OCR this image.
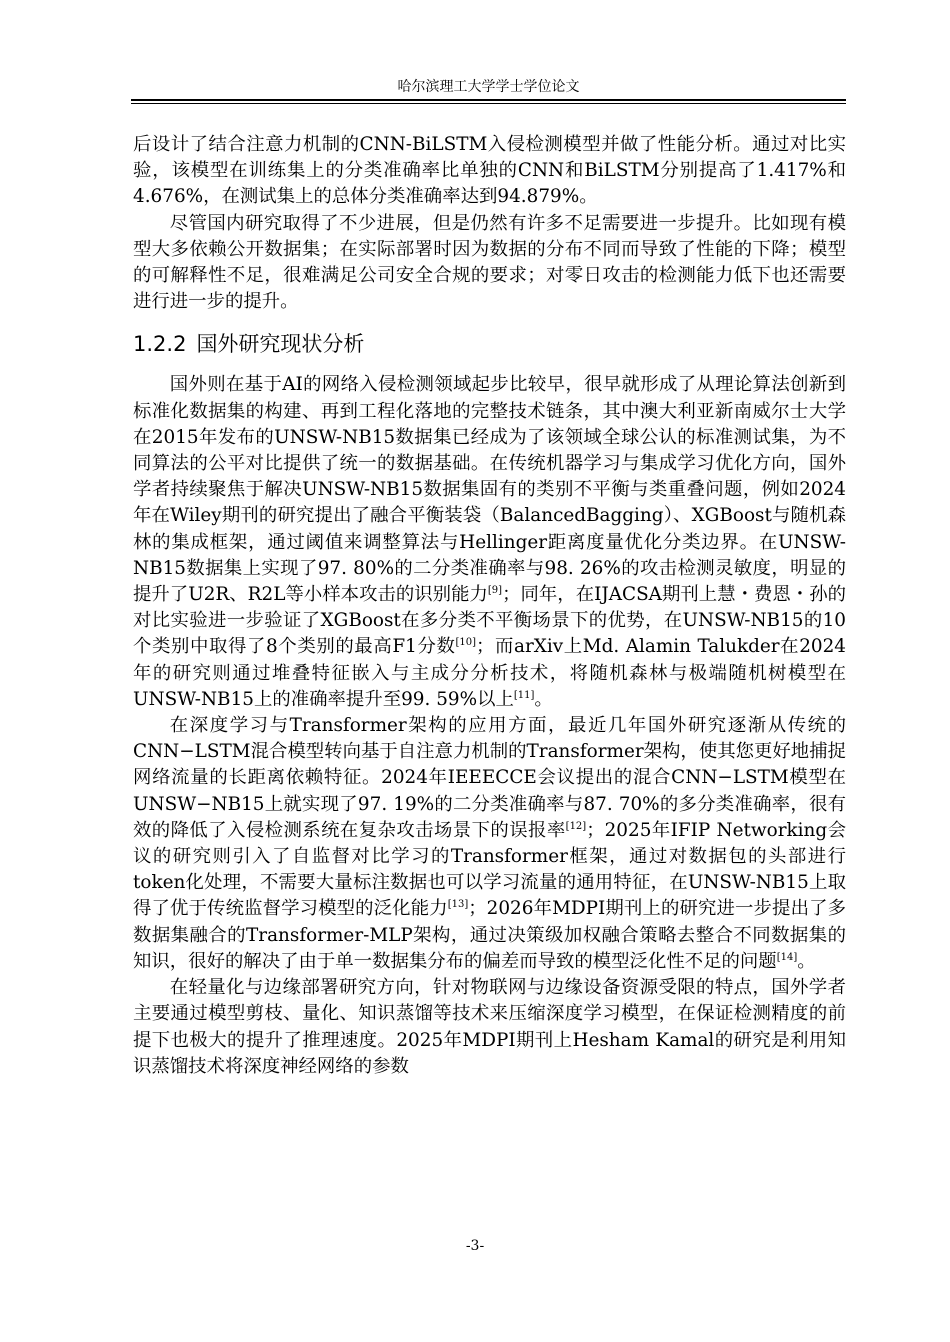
哈尔滨理工大学学士学位论文

后设计了结合注意力机制的CNN-BiLSTM入侵检测模型并做了性能分析。通过对比实验，该模型在训练集上的分类准确率比单独的CNN和BiLSTM分别提高了1.417%和4.676%，在测试集上的总体分类准确率达到94.879%。

尽管国内研究取得了不少进展，但是仍然有许多不足需要进一步提升。比如现有模型大多依赖公开数据集；在实际部署时因为数据的分布不同而导致了性能的下降；模型的可解释性不足，很难满足公司安全合规的要求；对零日攻击的检测能力低下也还需要进行进一步的提升。

1.2.2 国外研究现状分析

国外则在基于AI的网络入侵检测领域起步比较早，很早就形成了从理论算法创新到标准化数据集的构建、再到工程化落地的完整技术链条，其中澳大利亚新南威尔士大学在2015年发布的UNSW-NB15数据集已经成为了该领域全球公认的标准测试集，为不同算法的公平对比提供了统一的数据基础。在传统机器学习与集成学习优化方向，国外学者持续聚焦于解决UNSW-NB15数据集固有的类别不平衡与类重叠问题，例如2024年在Wiley期刊的研究提出了融合平衡装袋（BalancedBagging）、XGBoost与随机森林的集成框架，通过阈值来调整算法与Hellinger距离度量优化分类边界。在UNSW-NB15数据集上实现了97. 80%的二分类准确率与98. 26%的攻击检测灵敏度，明显的提升了U2R、R2L等小样本攻击的识别能力[9]；同年，在IJACSA期刊上慧・费恩・孙的对比实验进一步验证了XGBoost在多分类不平衡场景下的优势，在UNSW-NB15的10个类别中取得了8个类别的最高F1分数[10]；而arXiv上Md. Alamin Talukder在2024年的研究则通过堆叠特征嵌入与主成分分析技术，将随机森林与极端随机树模型在UNSW-NB15上的准确率提升至99. 59%以上[11]。

在深度学习与Transformer架构的应用方面，最近几年国外研究逐渐从传统的CNN−LSTM混合模型转向基于自注意力机制的Transformer架构，使其您更好地捕捉网络流量的长距离依赖特征。2024年IEEECCE会议提出的混合CNN−LSTM模型在UNSW−NB15上就实现了97. 19%的二分类准确率与87. 70%的多分类准确率，很有效的降低了入侵检测系统在复杂攻击场景下的误报率[12]；2025年IFIP Networking会议的研究则引入了自监督对比学习的Transformer框架，通过对数据包的头部进行token化处理，不需要大量标注数据也可以学习流量的通用特征，在UNSW-NB15上取得了优于传统监督学习模型的泛化能力[13]；2026年MDPI期刊上的研究进一步提出了多数据集融合的Transformer-MLP架构，通过决策级加权融合策略去整合不同数据集的知识，很好的解决了由于单一数据集分布的偏差而导致的模型泛化性不足的问题[14]。

在轻量化与边缘部署研究方向，针对物联网与边缘设备资源受限的特点，国外学者主要通过模型剪枝、量化、知识蒸馏等技术来压缩深度学习模型，在保证检测精度的前提下也极大的提升了推理速度。2025年MDPI期刊上Hesham Kamal的研究是利用知识蒸馏技术将深度神经网络的参数

-3-
